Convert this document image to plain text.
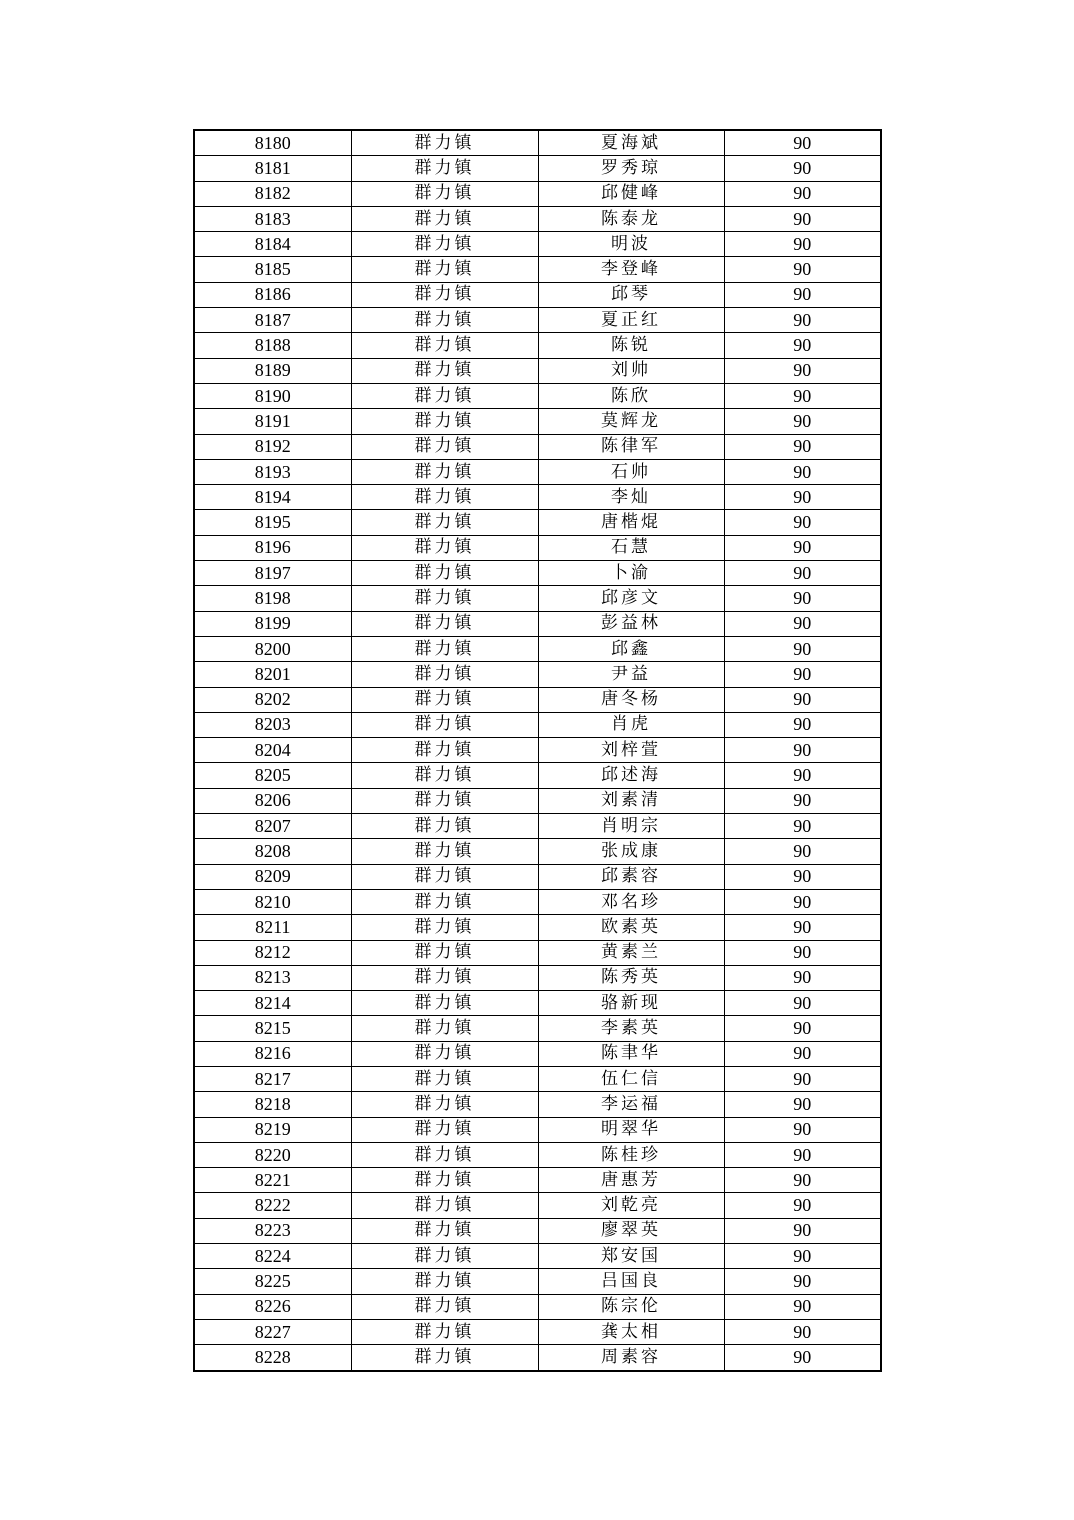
8180	群力镇	夏海斌	90
8181	群力镇	罗秀琼	90
8182	群力镇	邱健峰	90
8183	群力镇	陈泰龙	90
8184	群力镇	明波	90
8185	群力镇	李登峰	90
8186	群力镇	邱琴	90
8187	群力镇	夏正红	90
8188	群力镇	陈锐	90
8189	群力镇	刘帅	90
8190	群力镇	陈欣	90
8191	群力镇	莫辉龙	90
8192	群力镇	陈律军	90
8193	群力镇	石帅	90
8194	群力镇	李灿	90
8195	群力镇	唐楷焜	90
8196	群力镇	石慧	90
8197	群力镇	卜渝	90
8198	群力镇	邱彦文	90
8199	群力镇	彭益林	90
8200	群力镇	邱鑫	90
8201	群力镇	尹益	90
8202	群力镇	唐冬杨	90
8203	群力镇	肖虎	90
8204	群力镇	刘梓萱	90
8205	群力镇	邱述海	90
8206	群力镇	刘素清	90
8207	群力镇	肖明宗	90
8208	群力镇	张成康	90
8209	群力镇	邱素容	90
8210	群力镇	邓名珍	90
8211	群力镇	欧素英	90
8212	群力镇	黄素兰	90
8213	群力镇	陈秀英	90
8214	群力镇	骆新现	90
8215	群力镇	李素英	90
8216	群力镇	陈聿华	90
8217	群力镇	伍仁信	90
8218	群力镇	李运福	90
8219	群力镇	明翠华	90
8220	群力镇	陈桂珍	90
8221	群力镇	唐惠芳	90
8222	群力镇	刘乾亮	90
8223	群力镇	廖翠英	90
8224	群力镇	郑安国	90
8225	群力镇	吕国良	90
8226	群力镇	陈宗伦	90
8227	群力镇	龚太相	90
8228	群力镇	周素容	90
